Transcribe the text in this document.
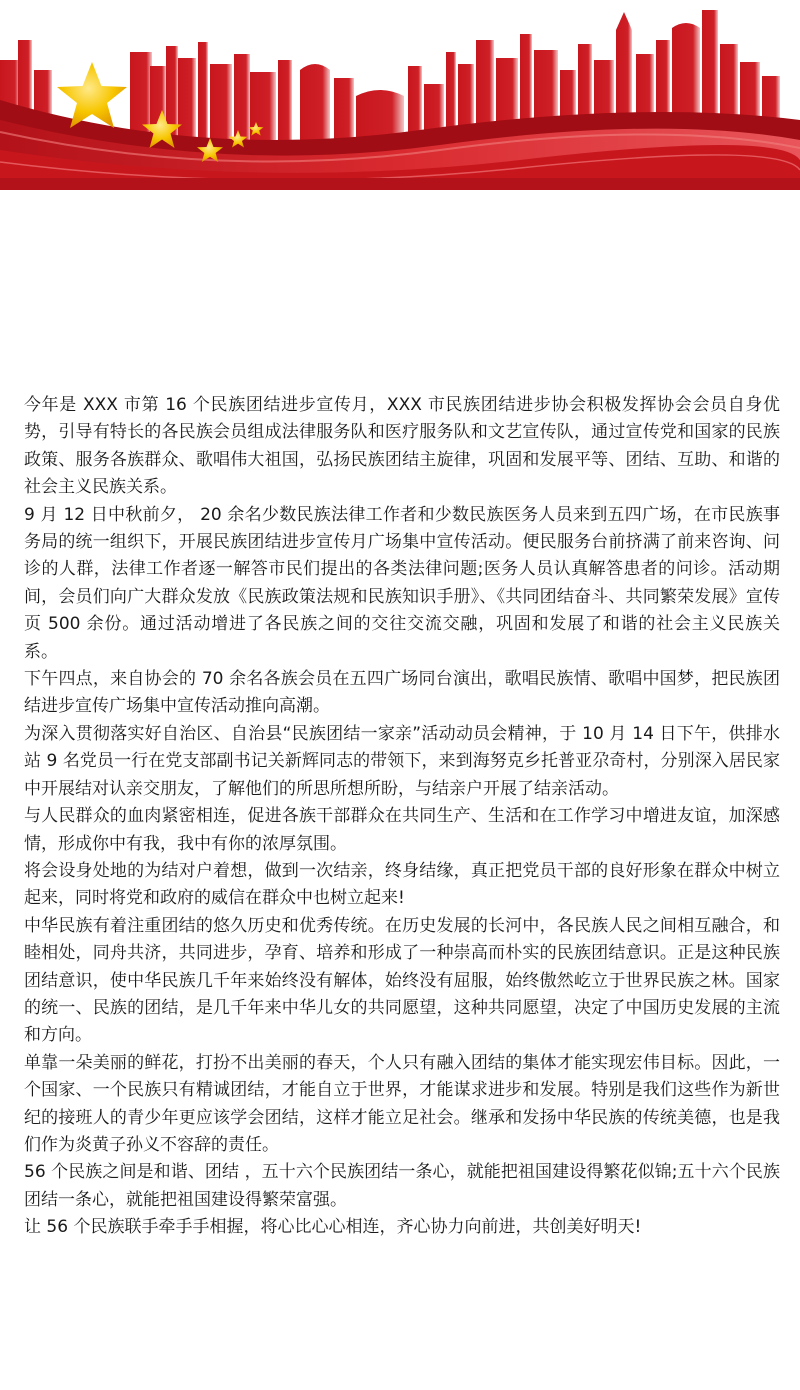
今年是 XXX 市第 16 个民族团结进步宣传月，XXX 市民族团结进步协会积极发挥协会会员自身优势，引导有特长的各民族会员组成法律服务队和医疗服务队和文艺宣传队，通过宣传党和国家的民族政策、服务各族群众、歌唱伟大祖国，弘扬民族团结主旋律，巩固和发展平等、团结、互助、和谐的社会主义民族关系。

9 月 12 日中秋前夕， 20 余名少数民族法律工作者和少数民族医务人员来到五四广场，在市民族事务局的统一组织下，开展民族团结进步宣传月广场集中宣传活动。便民服务台前挤满了前来咨询、问诊的人群，法律工作者逐一解答市民们提出的各类法律问题;医务人员认真解答患者的问诊。活动期间，会员们向广大群众发放《民族政策法规和民族知识手册》、《共同团结奋斗、共同繁荣发展》宣传页 500 余份。通过活动增进了各民族之间的交往交流交融，巩固和发展了和谐的社会主义民族关系。

下午四点，来自协会的 70 余名各族会员在五四广场同台演出，歌唱民族情、歌唱中国梦，把民族团结进步宣传广场集中宣传活动推向高潮。

为深入贯彻落实好自治区、自治县“民族团结一家亲”活动动员会精神，于 10 月 14 日下午，供排水站 9 名党员一行在党支部副书记关新辉同志的带领下，来到海努克乡托普亚尕奇村，分别深入居民家中开展结对认亲交朋友，了解他们的所思所想所盼，与结亲户开展了结亲活动。

与人民群众的血肉紧密相连，促进各族干部群众在共同生产、生活和在工作学习中增进友谊，加深感情，形成你中有我，我中有你的浓厚氛围。

将会设身处地的为结对户着想，做到一次结亲，终身结缘，真正把党员干部的良好形象在群众中树立起来，同时将党和政府的威信在群众中也树立起来!

中华民族有着注重团结的悠久历史和优秀传统。在历史发展的长河中，各民族人民之间相互融合，和睦相处，同舟共济，共同进步，孕育、培养和形成了一种崇高而朴实的民族团结意识。正是这种民族团结意识，使中华民族几千年来始终没有解体，始终没有屈服，始终傲然屹立于世界民族之林。国家的统一、民族的团结，是几千年来中华儿女的共同愿望，这种共同愿望，决定了中国历史发展的主流和方向。

单靠一朵美丽的鲜花，打扮不出美丽的春天，个人只有融入团结的集体才能实现宏伟目标。因此，一个国家、一个民族只有精诚团结，才能自立于世界，才能谋求进步和发展。特别是我们这些作为新世纪的接班人的青少年更应该学会团结，这样才能立足社会。继承和发扬中华民族的传统美德，也是我们作为炎黄子孙义不容辞的责任。

56 个民族之间是和谐、团结 ，五十六个民族团结一条心，就能把祖国建设得繁花似锦;五十六个民族团结一条心，就能把祖国建设得繁荣富强。

让 56 个民族联手牵手手相握，将心比心心相连，齐心协力向前进，共创美好明天!
